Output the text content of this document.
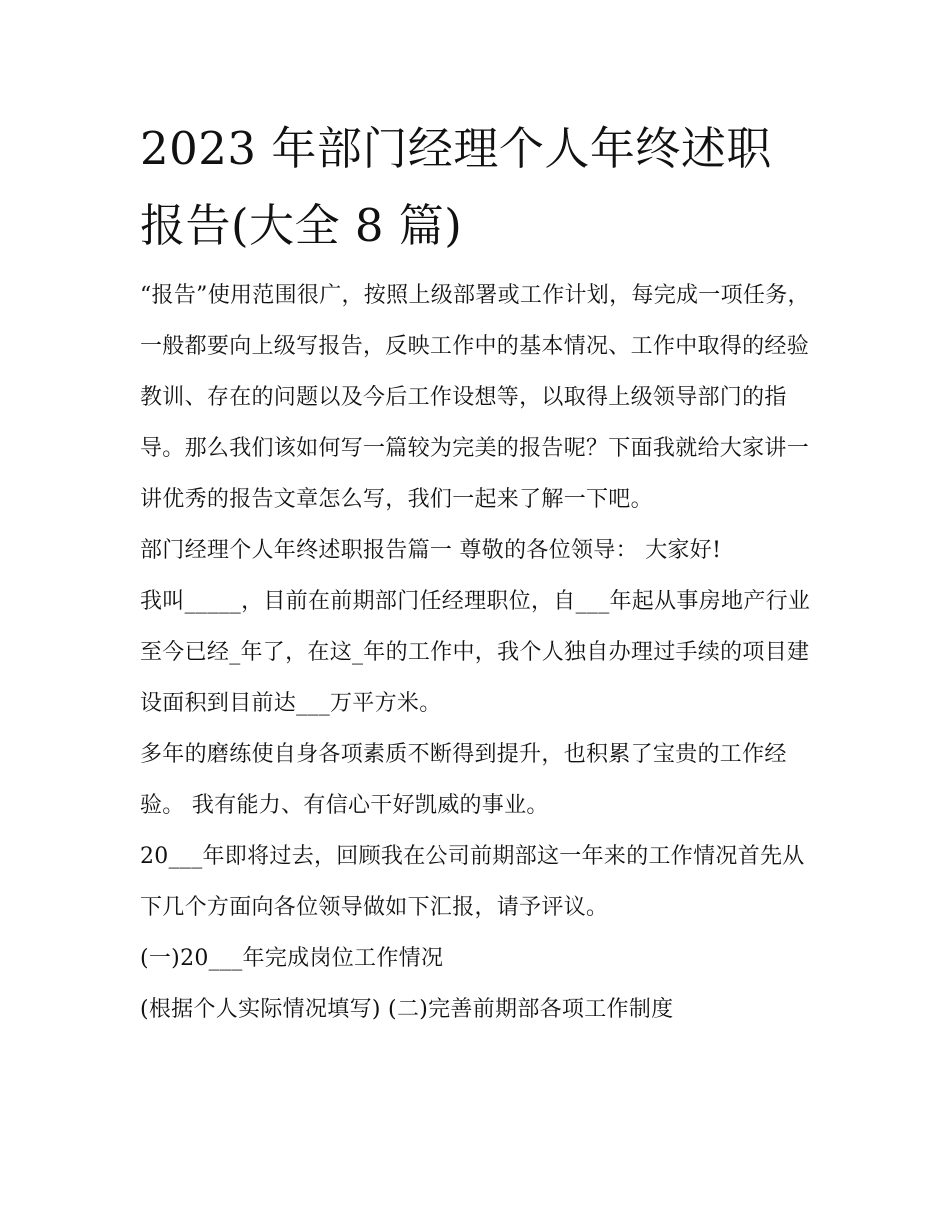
2023 年部门经理个人年终述职
报告(大全 8 篇)

“报告”使用范围很广，按照上级部署或工作计划，每完成一项任务，一般都要向上级写报告，反映工作中的基本情况、工作中取得的经验教训、存在的问题以及今后工作设想等，以取得上级领导部门的指导。那么我们该如何写一篇较为完美的报告呢？下面我就给大家讲一讲优秀的报告文章怎么写，我们一起来了解一下吧。

部门经理个人年终述职报告篇一 尊敬的各位领导： 大家好!

我叫_____，目前在前期部门任经理职位，自___年起从事房地产行业至今已经_年了，在这_年的工作中，我个人独自办理过手续的项目建设面积到目前达___万平方米。

多年的磨练使自身各项素质不断得到提升，也积累了宝贵的工作经验。 我有能力、有信心干好凯威的事业。

20___年即将过去，回顾我在公司前期部这一年来的工作情况首先从下几个方面向各位领导做如下汇报，请予评议。

(一)20___年完成岗位工作情况

(根据个人实际情况填写) (二)完善前期部各项工作制度
